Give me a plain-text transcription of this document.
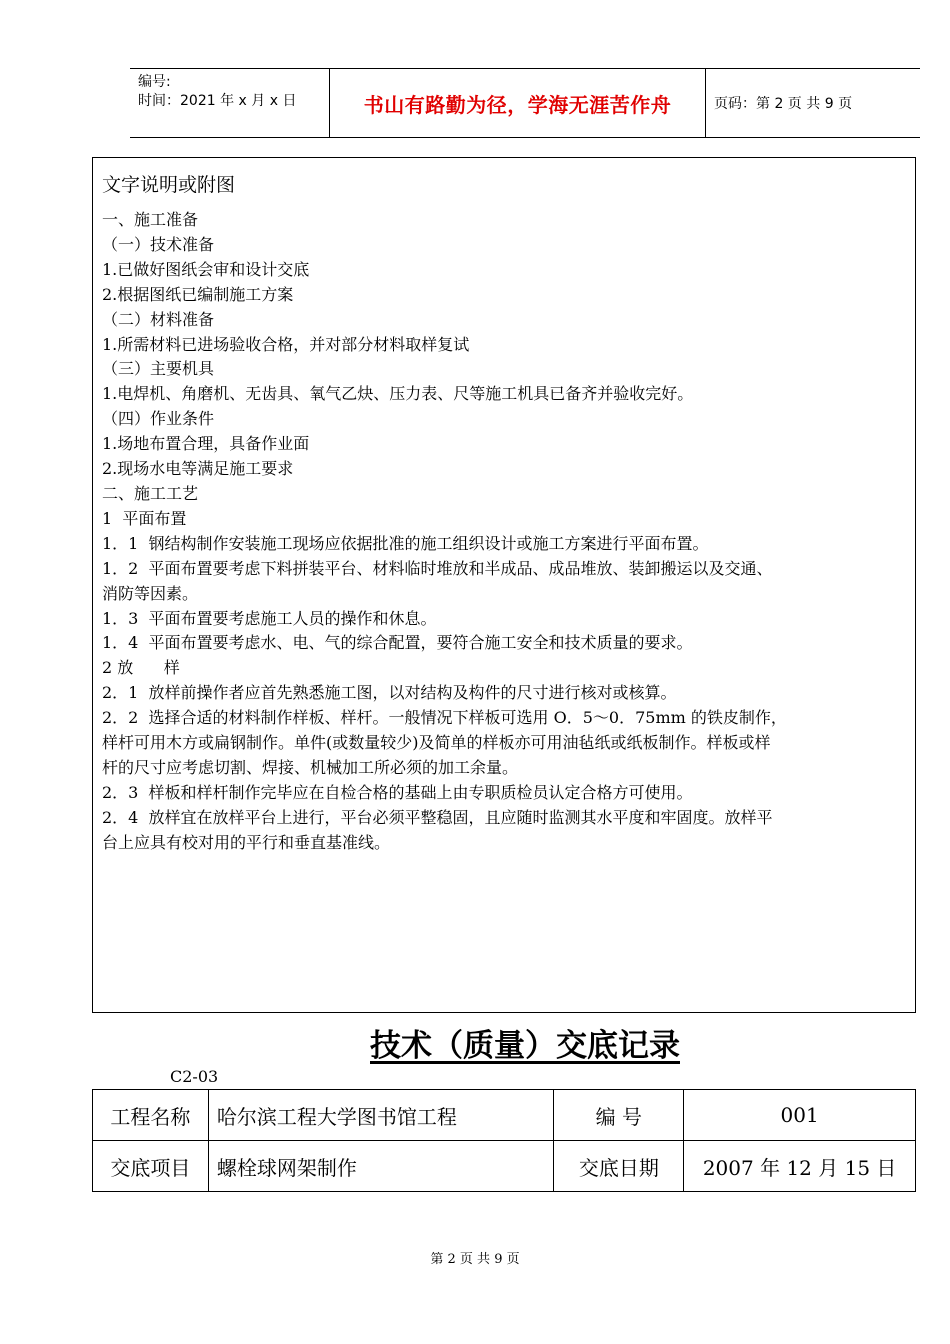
编号:
时间：2021 年 x 月 x 日	书山有路勤为径，学海无涯苦作舟	页码：第 2 页 共 9 页
文字说明或附图
一、施工准备
（一）技术准备
1.已做好图纸会审和设计交底
2.根据图纸已编制施工方案
（二）材料准备
1.所需材料已进场验收合格，并对部分材料取样复试
（三）主要机具
1.电焊机、角磨机、无齿具、氧气乙炔、压力表、尺等施工机具已备齐并验收完好。
（四）作业条件
1.场地布置合理，具备作业面
2.现场水电等满足施工要求
二、施工工艺
1  平面布置
1．1  钢结构制作安装施工现场应依据批准的施工组织设计或施工方案进行平面布置。
1．2  平面布置要考虑下料拼装平台、材料临时堆放和半成品、成品堆放、装卸搬运以及交通、
消防等因素。
1．3  平面布置要考虑施工人员的操作和休息。
1．4  平面布置要考虑水、电、气的综合配置，要符合施工安全和技术质量的要求。
2 放      样
2．1  放样前操作者应首先熟悉施工图，以对结构及构件的尺寸进行核对或核算。
2．2  选择合适的材料制作样板、样杆。一般情况下样板可选用 O．5～0．75mm 的铁皮制作，
样杆可用木方或扁钢制作。单件(或数量较少)及简单的样板亦可用油毡纸或纸板制作。样板或样
杆的尺寸应考虑切割、焊接、机械加工所必须的加工余量。
2．3  样板和样杆制作完毕应在自检合格的基础上由专职质检员认定合格方可使用。
2．4  放样宜在放样平台上进行，平台必须平整稳固，且应随时监测其水平度和牢固度。放样平
台上应具有校对用的平行和垂直基准线。
技术（质量）交底记录
C2-03
工程名称	哈尔滨工程大学图书馆工程	编 号	001
交底项目	螺栓球网架制作	交底日期	2007 年 12 月 15 日
第 2 页 共 9 页
